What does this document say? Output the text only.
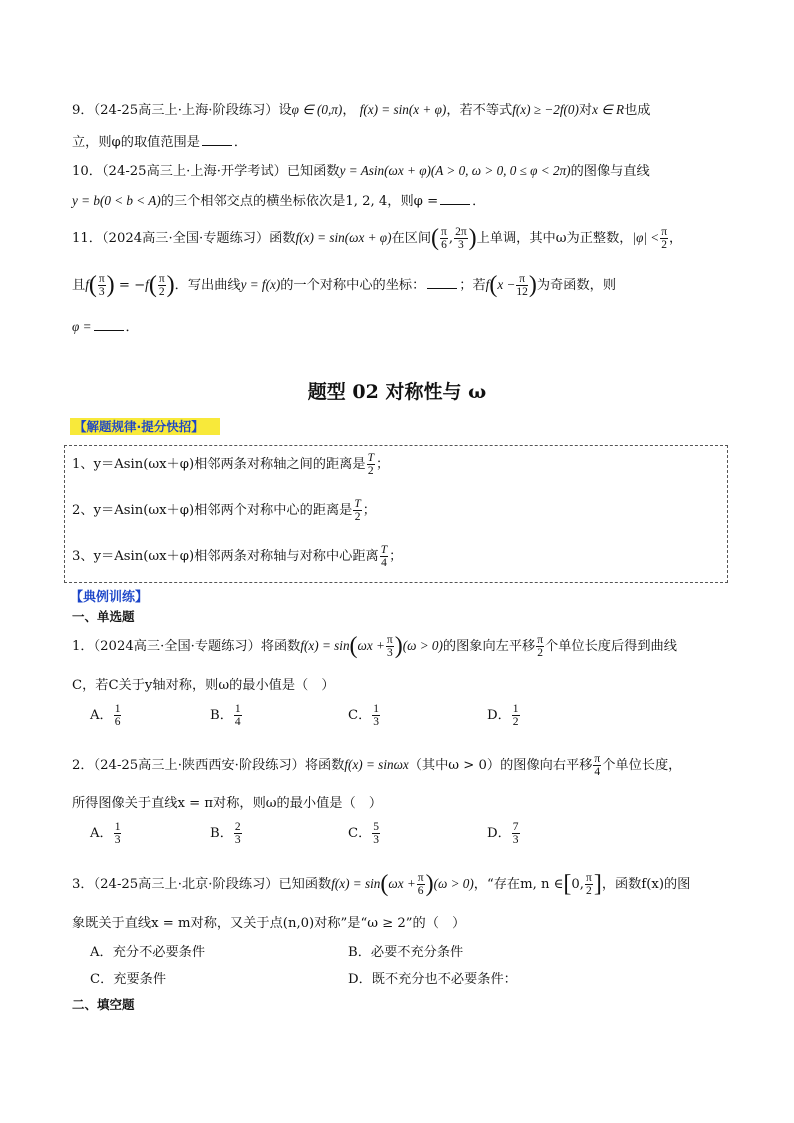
9．（24-25高三上·上海·阶段练习）设φ ∈ (0,π)， f(x) = sin(x + φ)，若不等式f(x) ≥ −2f(0)对x ∈ R也成
立，则φ的取值范围是	．
10．（24-25高三上·上海·开学考试）已知函数y = Asin(ωx + φ)(A > 0, ω > 0, 0 ≤ φ < 2π)的图像与直线
y = b(0 < b < A)的三个相邻交点的横坐标依次是1, 2, 4，则φ =	．
11．（2024高三·全国·专题练习）函数f(x) = sin(ωx + φ)在区间( $\frac{\pi}{6}$ , $\frac{2\pi}{3}$ )上单调，其中ω为正整数，$|\varphi| < \frac{\pi}{2}$ ，
且$f( \frac{\pi}{3}$ ) = $-f( \frac{\pi}{2}$ )．写出曲线y = f(x)的一个对称中心的坐标：	；若$f(x - \frac{\pi}{12}$ )为奇函数，则
φ =	．
题型 02 对称性与 ω
【解题规律·提分快招】
1、y＝Asin(ωx＋φ)相邻两条对称轴之间的距离是 $\frac{T}{2}$ ；
2、y＝Asin(ωx＋φ)相邻两个对称中心的距离是 $\frac{T}{2}$ ；
3、y＝Asin(ωx＋φ)相邻两条对称轴与对称中心距离 $\frac{T}{4}$ ；
【典例训练】
一、单选题
1．（2024高三·全国·专题练习）将函数$f(x) = \sin(\omega x + \frac{\pi}{3} )(\omega > 0)$的图象向左平移 $\frac{\pi}{2}$ 个单位长度后得到曲线
C，若C关于y轴对称，则ω的最小值是（　）
A． $\frac{1}{6}$	B． $\frac{1}{4}$	C． $\frac{1}{3}$	D． $\frac{1}{2}$
2．（24-25高三上·陕西西安·阶段练习）将函数f(x) = sinωx（其中ω > 0）的图像向右平移 $\frac{\pi}{4}$ 个单位长度，
所得图像关于直线x = π对称，则ω的最小值是（　）
A． $\frac{1}{3}$	B． $\frac{2}{3}$	C． $\frac{5}{3}$	D． $\frac{7}{3}$
3．（24-25高三上·北京·阶段练习）已知函数$f(x) = \sin(\omega x + \frac{\pi}{6} )(\omega > 0)$，“存在m, n ∈[0, $\frac{\pi}{2}$ ]，函数f(x)的图
象既关于直线x = m对称，又关于点(n,0)对称”是“ω ≥ 2”的（　）
A．充分不必要条件	B．必要不充分条件
C．充要条件	D．既不充分也不必要条件：
二、填空题
